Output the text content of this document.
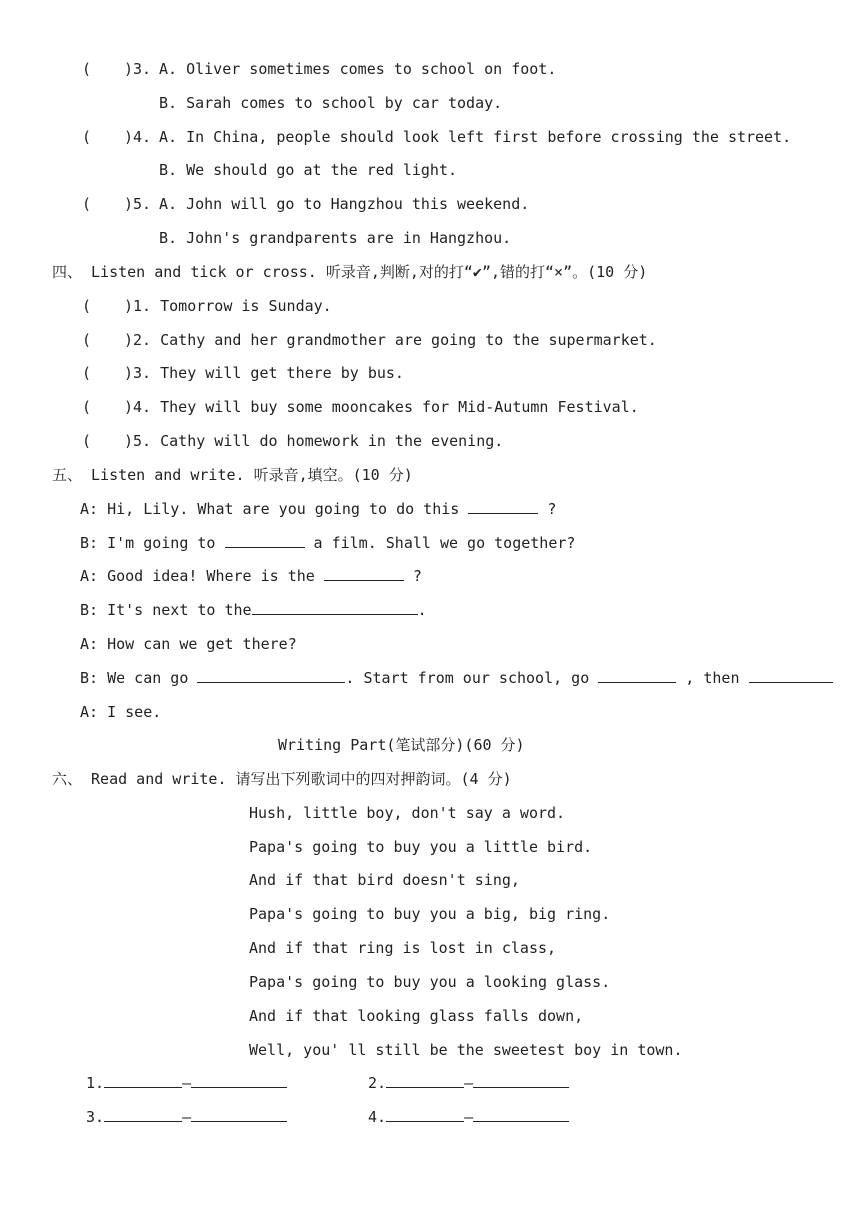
( )3. A. Oliver sometimes comes to school on foot.
B. Sarah comes to school by car today.
( )4. A. In China, people should look left first before crossing the street.
B. We should go at the red light.
( )5. A. John will go to Hangzhou this weekend.
B. John's grandparents are in Hangzhou.
四、 Listen and tick or cross. 听录音,判断,对的打“✔”,错的打“×”。(10 分)
( )1. Tomorrow is Sunday.
( )2. Cathy and her grandmother are going to the supermarket.
( )3. They will get there by bus.
( )4. They will buy some mooncakes for Mid-Autumn Festival.
( )5. Cathy will do homework in the evening.
五、 Listen and write. 听录音,填空。(10 分)
A: Hi, Lily. What are you going to do this	?
B: I'm going to	a film. Shall we go together?
A: Good idea! Where is the	?
B: It's next to the	.
A: How can we get there?
B: We can go	. Start from our school, go	, then
A: I see.
Writing Part(笔试部分)(60 分)
六、 Read and write. 请写出下列歌词中的四对押韵词。(4 分)
Hush, little boy, don't say a word.
Papa's going to buy you a little bird.
And if that bird doesn't sing,
Papa's going to buy you a big, big ring.
And if that ring is lost in class,
Papa's going to buy you a looking glass.
And if that looking glass falls down,
Well, you' ll still be the sweetest boy in town.
1.	—	2.	—
3.	—	4.	—
